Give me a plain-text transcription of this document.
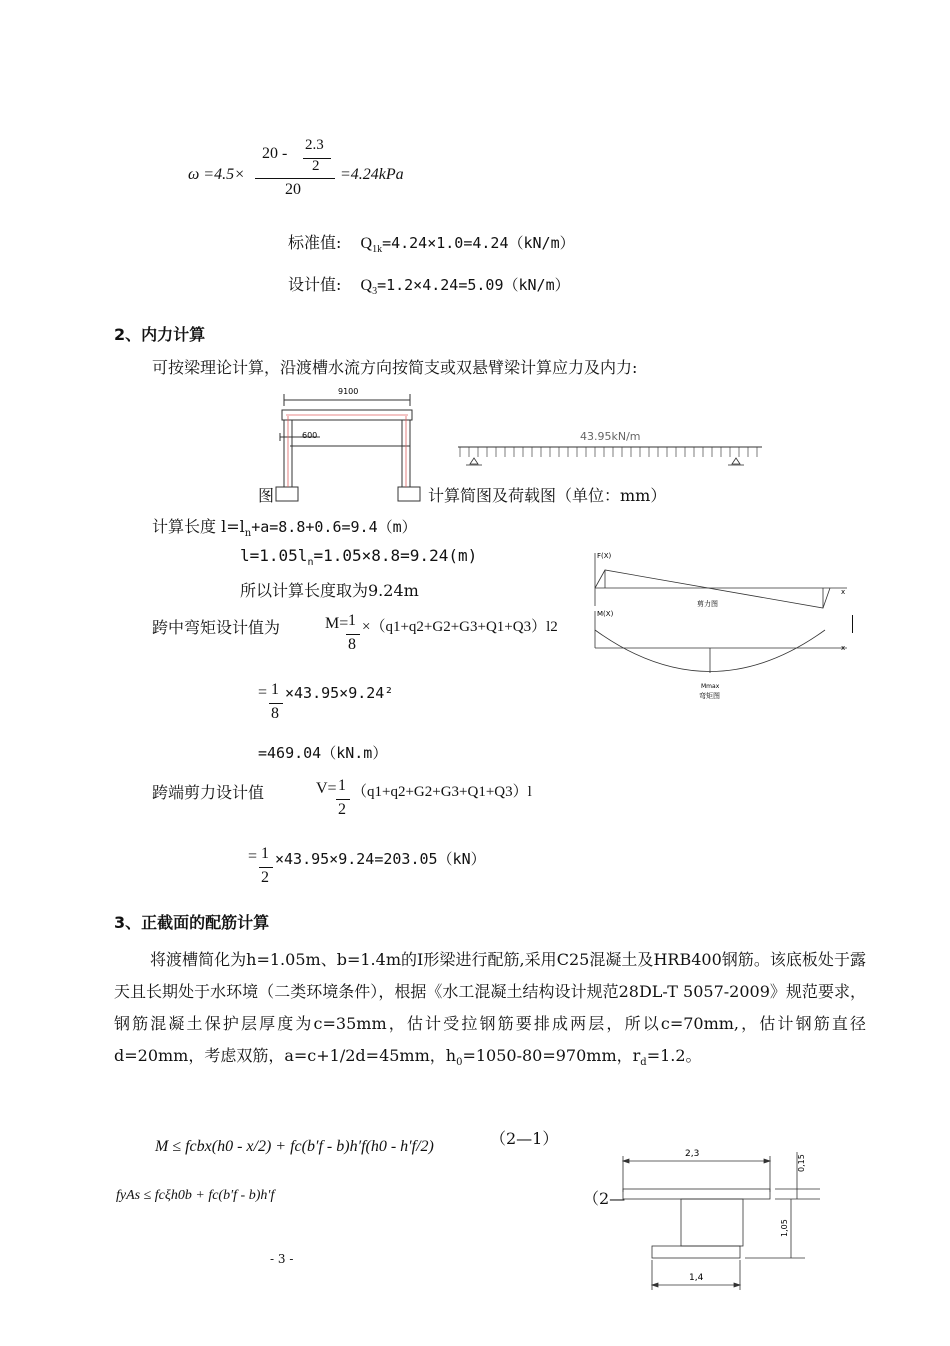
ω =4.5×
20 - 2.3
2
20
=4.24kPa
标准值: $Q_{1k}=4.24\times 1.0=4.24(kN/m)$
设计值: $Q_3=1.2\times 4.24=5.09(kN/m)$
2、内力计算
可按梁理论计算，沿渡槽水流方向按简支或双悬臂梁计算应力及内力:
9100
600	43.95kN/m
图	计算简图及荷载图（单位：mm）
计算长度 $l=l_n+a=8.8+0.6=9.4(m)$
$l=1.05l_n=1.05\times 8.8=9.24(m)$
所以计算长度取为9.24m
F(X)
x
剪力图
M(X)
x
Mmax
弯矩图
跨中弯矩设计值为	M= 1
8
×（q1+q2+G2+G3+Q1+Q3）l2
= 1
8
×43.95×9.24²
=469.04（kN.m）
跨端剪力设计值	V= 1
2
（q1+q2+G2+G3+Q1+Q3）l
= 1
2
×43.95×9.24=203.05（kN）
3、正截面的配筋计算
将渡槽简化为h=1.05m、b=1.4m的I形梁进行配筋,采用C25混凝土及HRB400钢筋。该底板处于露天且长期处于水环境（二类环境条件），根据《水工混凝土结构设计规范28DL-T 5057-2009》规范要求，钢筋混凝土保护层厚度为c=35mm，估计受拉钢筋要排成两层，所以c=70mm,，估计钢筋直径d=20mm，考虑双筋，a=c+1/2d=45mm，$h_0=1050-80=970mm$，$r_d=1.2$。
M ≤ fcbx(h0 - x/2) + fc(b′f - b)h′f(h0 - h′f/2)	（2—1）
fyAs ≤ fcξh0b + fc(b′f - b)h′f	（2—
2,3
0,15
1,05
1,4
- 3 -
